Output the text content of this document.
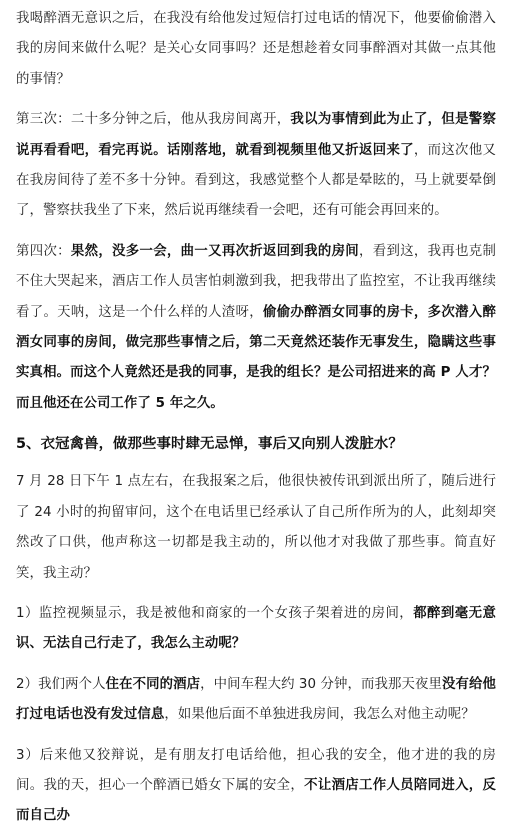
我喝醉酒无意识之后，在我没有给他发过短信打过电话的情况下，他要偷偷潜入我的房间来做什么呢？是关心女同事吗？还是想趁着女同事醉酒对其做一点其他的事情？

第三次：二十多分钟之后，他从我房间离开，我以为事情到此为止了，但是警察说再看看吧，看完再说。话刚落地，就看到视频里他又折返回来了，而这次他又在我房间待了差不多十分钟。看到这，我感觉整个人都是晕眩的，马上就要晕倒了，警察扶我坐了下来，然后说再继续看一会吧，还有可能会再回来的。

第四次：果然，没多一会，曲一又再次折返回到我的房间，看到这，我再也克制不住大哭起来，酒店工作人员害怕刺激到我，把我带出了监控室，不让我再继续看了。天呐，这是一个什么样的人渣呀，偷偷办醉酒女同事的房卡，多次潜入醉酒女同事的房间，做完那些事情之后，第二天竟然还装作无事发生，隐瞒这些事实真相。而这个人竟然还是我的同事，是我的组长？是公司招进来的高 P 人才？而且他还在公司工作了 5 年之久。

5、衣冠禽兽，做那些事时肆无忌惮，事后又向别人泼脏水？

7 月 28 日下午 1 点左右，在我报案之后，他很快被传讯到派出所了，随后进行了 24 小时的拘留审问，这个在电话里已经承认了自己所作所为的人，此刻却突然改了口供，他声称这一切都是我主动的，所以他才对我做了那些事。简直好笑，我主动？

1）监控视频显示，我是被他和商家的一个女孩子架着进的房间，都醉到毫无意识、无法自己行走了，我怎么主动呢？

2）我们两个人住在不同的酒店，中间车程大约 30 分钟，而我那天夜里没有给他打过电话也没有发过信息，如果他后面不单独进我房间，我怎么对他主动呢？

3）后来他又狡辩说，是有朋友打电话给他，担心我的安全，他才进的我的房间。我的天，担心一个醉酒已婚女下属的安全，不让酒店工作人员陪同进入，反而自己办
